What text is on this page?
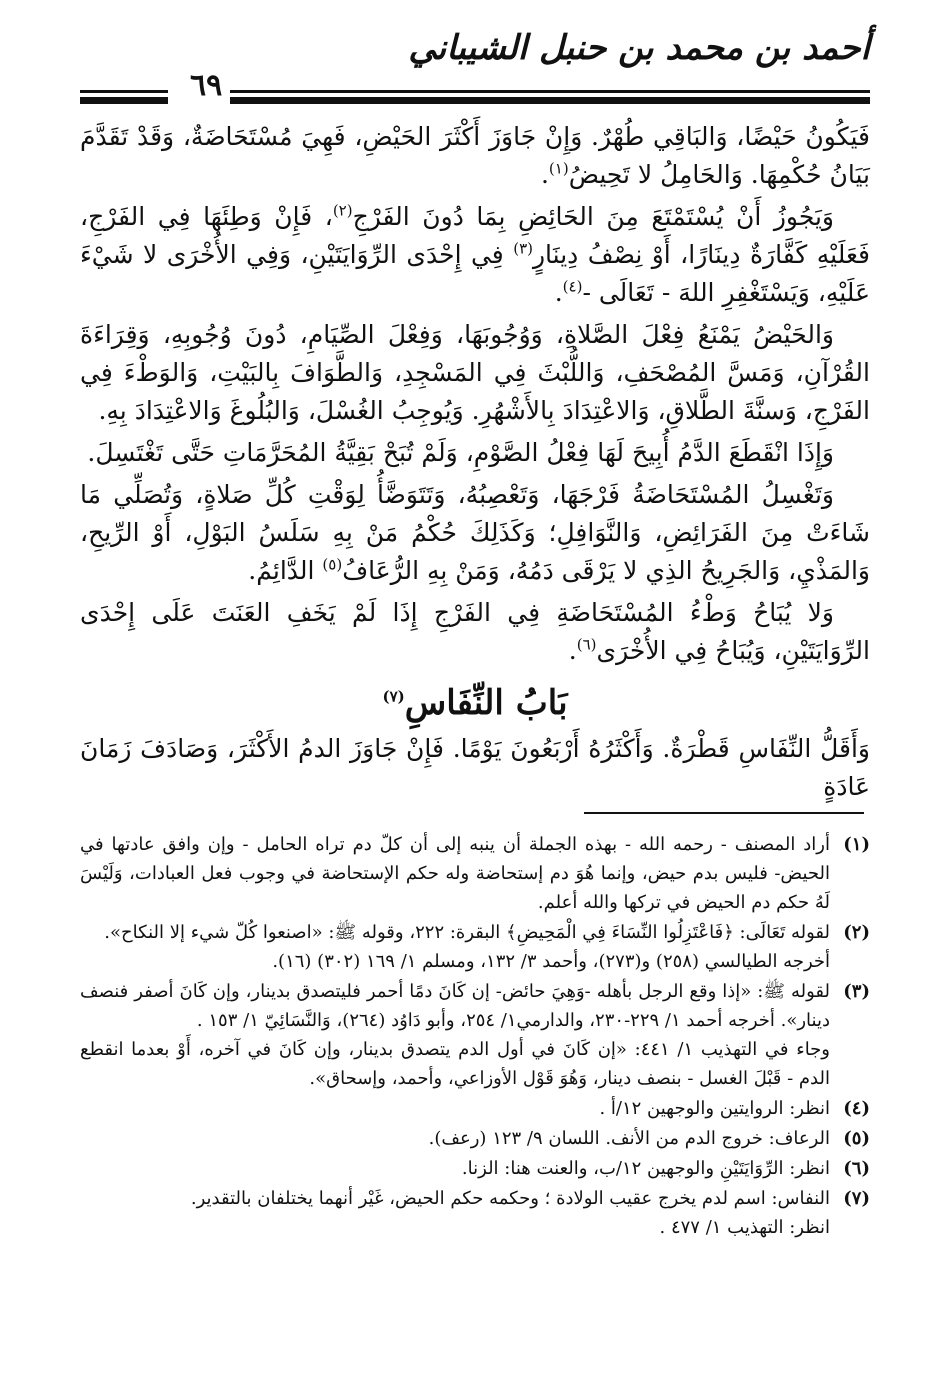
أحمد بن محمد بن حنبل الشيباني
٦٩

فَيَكُونُ حَيْضًا، وَالبَاقِي طُهْرٌ. وَإِنْ جَاوَزَ أَكْثَرَ الحَيْضِ، فَهِيَ مُسْتَحَاضَةٌ، وَقَدْ تَقَدَّمَ بَيَانُ حُكْمِهَا. وَالحَامِلُ لا تَحِيضُ$^{(١)}$.

وَيَجُوزُ أَنْ يُسْتَمْتَعَ مِنَ الحَائِضِ بِمَا دُونَ الفَرْجِ$^{(٢)}$، فَإِنْ وَطِئَهَا فِي الفَرْجِ، فَعَلَيْهِ كَفَّارَةٌ دِينَارًا، أَوْ نِصْفُ دِينَارٍ$^{(٣)}$ فِي إِحْدَى الرِّوَايَتَيْنِ، وَفِي الأُخْرَى لا شَيْءَ عَلَيْهِ، وَيَسْتَغْفِرِ اللهَ - تَعَالَى -$^{(٤)}$.

وَالحَيْضُ يَمْنَعُ فِعْلَ الصَّلاةِ، وَوُجُوبَهَا، وَفِعْلَ الصِّيَامِ، دُونَ وُجُوبِهِ، وَقِرَاءَةَ القُرْآنِ، وَمَسَّ المُصْحَفِ، وَاللُّبْثَ فِي المَسْجِدِ، وَالطَّوَافَ بِالبَيْتِ، وَالوَطْءَ فِي الفَرْجِ، وَسنَّةَ الطَّلاقِ، وَالاعْتِدَادَ بِالأَشْهُرِ. وَيُوجِبُ الغُسْلَ، وَالبُلُوغَ وَالاعْتِدَادَ بِهِ.

وَإِذَا انْقَطَعَ الدَّمُ أُبِيحَ لَهَا فِعْلُ الصَّوْمِ، وَلَمْ تُبَحْ بَقِيَّةُ المُحَرَّمَاتِ حَتَّى تَغْتَسِلَ.

وَتَغْسِلُ المُسْتَحَاضَةُ فَرْجَهَا، وَتَعْصِبُهُ، وَتَتَوَضَّأُ لِوَقْتِ كُلِّ صَلاةٍ، وَتُصَلِّي مَا شَاءَتْ مِنَ الفَرَائِضِ، وَالنَّوَافِلِ؛ وَكَذَلِكَ حُكْمُ مَنْ بِهِ سَلَسُ البَوْلِ، أَوْ الرِّيحِ، وَالمَذْيِ، وَالجَرِيحُ الذِي لا يَرْقَى دَمُهُ، وَمَنْ بِهِ الرُّعَافُ$^{(٥)}$ الدَّائِمُ.

وَلا يُبَاحُ وَطْءُ المُسْتَحَاضَةِ فِي الفَرْجِ إِذَا لَمْ يَخَفِ العَنَتَ عَلَى إِحْدَى الرِّوَايَتَيْنِ، وَيُبَاحُ فِي الأُخْرَى$^{(٦)}$.

بَابُ النِّفَاسِ$^{(٧)}$

وَأَقَلُّ النِّفَاسِ قَطْرَةٌ. وَأَكْثَرُهُ أَرْبَعُونَ يَوْمًا. فَإِنْ جَاوَزَ الدمُ الأَكْثَرَ، وَصَادَفَ زَمَانَ عَادَةٍ

(١)
أراد المصنف - رحمه الله - بهذه الجملة أن ينبه إلى أن كلّ دم تراه الحامل - وإن وافق عادتها في الحيض- فليس بدم حيض، وإنما هُوَ دم إستحاضة وله حكم الإستحاضة في وجوب فعل العبادات، وَلَيْسَ لَهُ حكم دم الحيض في تركها والله أعلم.
(٢)
لقوله تَعَالَى: ﴿فَاعْتَزِلُوا النِّسَاءَ فِي الْمَحِيضِ﴾ البقرة: ٢٢٢، وقوله ﷺ: «اصنعوا كُلّ شيء إلا النكاح».
أخرجه الطيالسي (٢٥٨) و(٢٧٣)، وأحمد ٣/ ١٣٢، ومسلم ١/ ١٦٩ (٣٠٢) (١٦).
(٣)
لقوله ﷺ: «إذا وقع الرجل بأهله -وَهِيَ حائض- إن كَانَ دمًا أحمر فليتصدق بدينار، وإن كَانَ أصفر فنصف دينار». أخرجه أحمد ١/ ٢٢٩-٢٣٠، والدارمي١/ ٢٥٤، وأبو دَاوُد (٢٦٤)، وَالنَّسَائِيّ ١/ ١٥٣ .
وجاء في التهذيب ١/ ٤٤١: «إن كَانَ في أول الدم يتصدق بدينار، وإن كَانَ في آخره، أَوْ بعدما انقطع الدم - قَبْلَ الغسل - بنصف دينار، وَهُوَ قَوْل الأوزاعي، وأحمد، وإسحاق».
(٤)
انظر: الروايتين والوجهين ١٢/أ .
(٥)
الرعاف: خروج الدم من الأنف. اللسان ٩/ ١٢٣ (رعف).
(٦)
انظر: الرِّوَايَتَيْنِ والوجهين ١٢/ب، والعنت هنا: الزنا.
(٧)
النفاس: اسم لدم يخرج عقيب الولادة ؛ وحكمه حكم الحيض، غَيْر أنهما يختلفان بالتقدير.
انظر: التهذيب ١/ ٤٧٧ .
